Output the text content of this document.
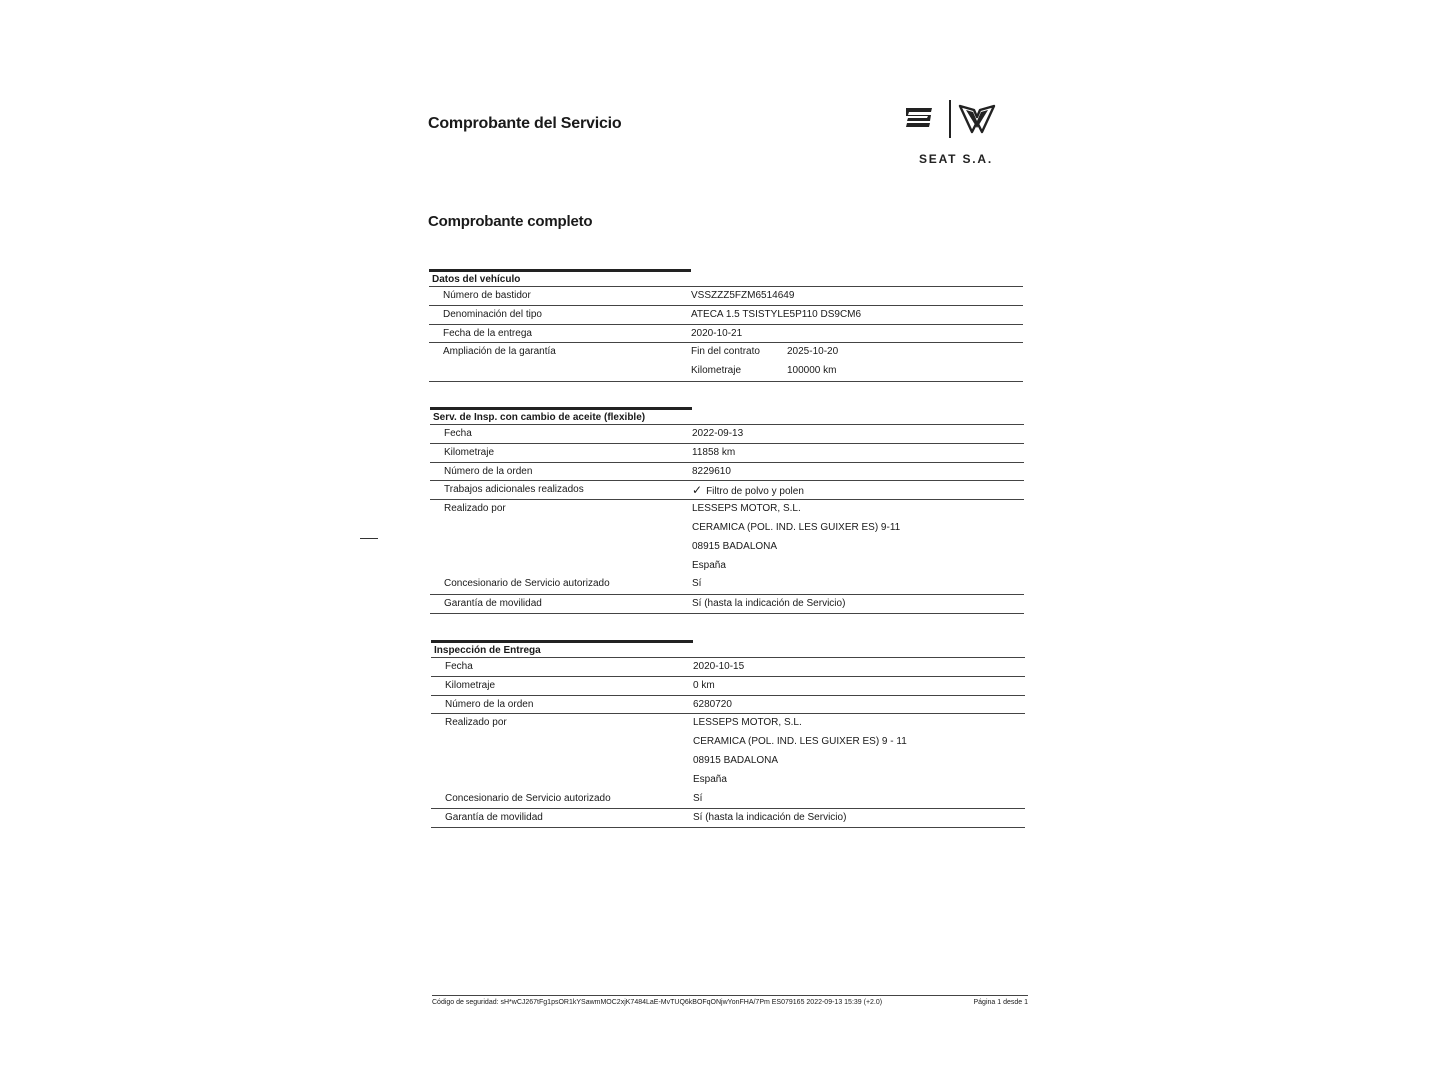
Comprobante del Servicio
SEAT S.A.
Comprobante completo
Datos del vehículo
Número de bastidor	VSSZZZ5FZM6514649
Denominación del tipo	ATECA 1.5 TSISTYLE5P110 DS9CM6
Fecha de la entrega	2020-10-21
Ampliación de la garantía	Fin del contrato	2025-10-20
Kilometraje	100000 km
Serv. de Insp. con cambio de aceite (flexible)
Fecha	2022-09-13
Kilometraje	11858 km
Número de la orden	8229610
Trabajos adicionales realizados	✓ Filtro de polvo y polen
Realizado por	LESSEPS MOTOR, S.L.
CERAMICA (POL. IND. LES GUIXER ES) 9-11
08915 BADALONA
España
Concesionario de Servicio autorizado	Sí
Garantía de movilidad	Sí (hasta la indicación de Servicio)
Inspección de Entrega
Fecha	2020-10-15
Kilometraje	0 km
Número de la orden	6280720
Realizado por	LESSEPS MOTOR, S.L.
CERAMICA (POL. IND. LES GUIXER ES) 9 - 11
08915 BADALONA
España
Concesionario de Servicio autorizado	Sí
Garantía de movilidad	Sí (hasta la indicación de Servicio)
Código de seguridad: sH*wCJ267tFg1psOR1kYSawmMOC2xjK7484LaE-MvTUQ6kBOFqONjwYonFHA/7Pm ES079165 2022-09-13 15:39 (+2.0)	Página 1 desde 1
